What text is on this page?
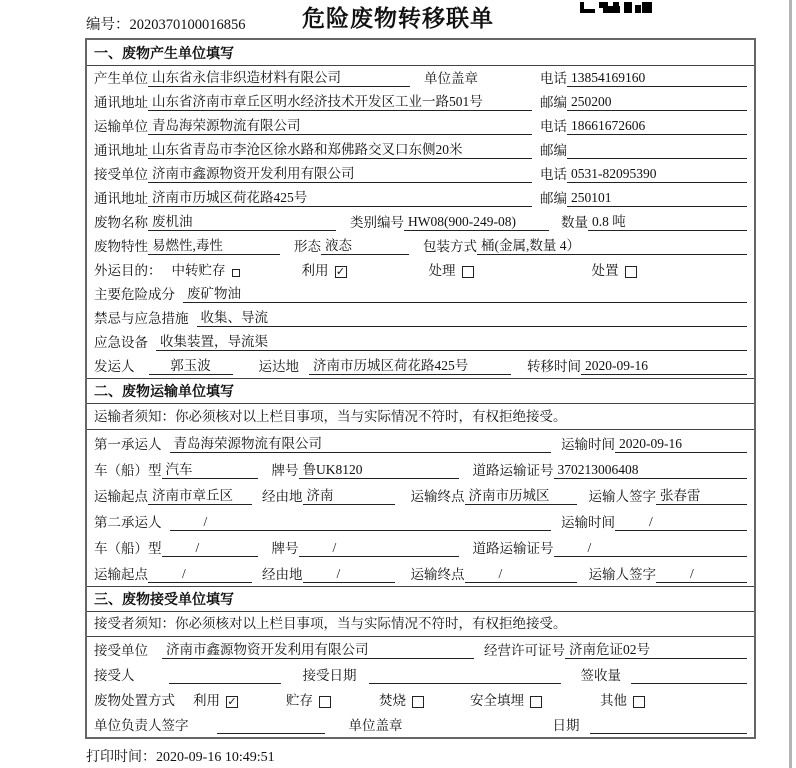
编号：2020370100016856	危险废物转移联单
一、废物产生单位填写
产生单位 山东省永信非织造材料有限公司	单位盖章	电话 13854169160
通讯地址 山东省济南市章丘区明水经济技术开发区工业一路501号	邮编 250200
运输单位 青岛海荣源物流有限公司	电话 18661672606
通讯地址 山东省青岛市李沧区徐水路和郑佛路交叉口东侧20米	邮编
接受单位 济南市鑫源物资开发利用有限公司	电话 0531-82095390
通讯地址 济南市历城区荷花路425号	邮编 250101
废物名称 废机油	类别编号 HW08(900-249-08)	数量 0.8 吨
废物特性 易燃性,毒性	形态 液态	包装方式 桶(金属,数量 4）
外运目的： 中转贮存	利用 ✓	处理	处置
主要危险成分 废矿物油
禁忌与应急措施 收集、导流
应急设备 收集装置，导流渠
发运人	郭玉波	运达地 济南市历城区荷花路425号	转移时间 2020-09-16
二、废物运输单位填写
运输者须知： 你必须核对以上栏目事项，当与实际情况不符时，有权拒绝接受。
第一承运人 青岛海荣源物流有限公司	运输时间 2020-09-16
车（船）型 汽车	牌号 鲁UK8120	道路运输证号 370213006408
运输起点 济南市章丘区	经由地 济南	运输终点 济南市历城区	运输人签字 张春雷
第二承运人	/	运输时间	/
车（船）型	/	牌号	/	道路运输证号	/
运输起点	/	经由地	/	运输终点	/	运输人签字	/
三、废物接受单位填写
接受者须知： 你必须核对以上栏目事项，当与实际情况不符时，有权拒绝接受。
接受单位 济南市鑫源物资开发利用有限公司	经营许可证号 济南危证02号
接受人	接受日期	签收量
废物处置方式 利用 ✓	贮存	焚烧	安全填埋	其他
单位负责人签字	单位盖章	日期
打印时间：2020-09-16 10:49:51
